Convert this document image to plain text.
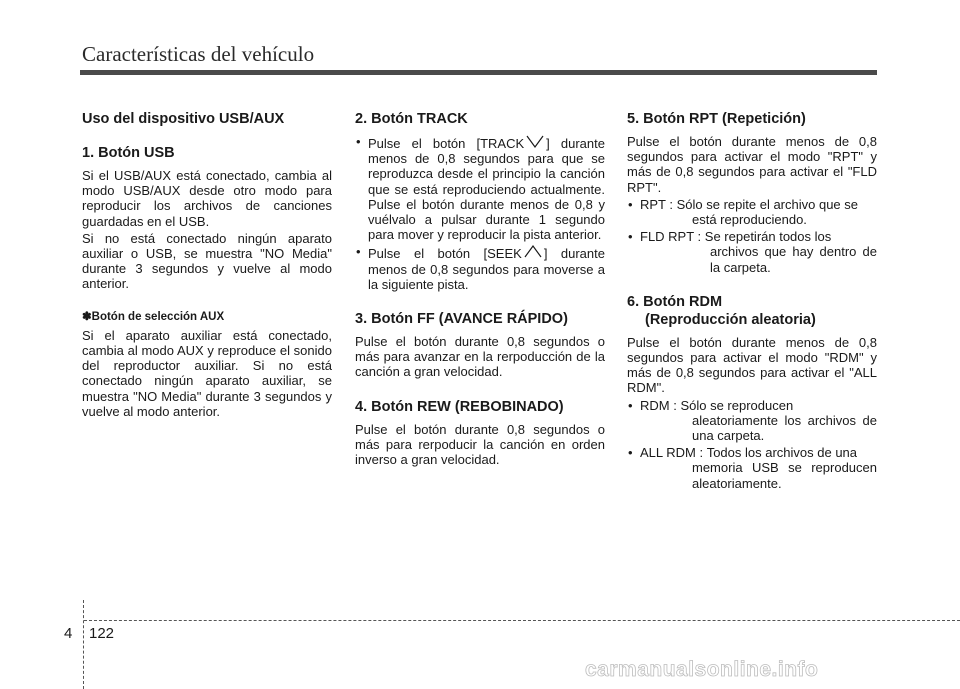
Características del vehículo
Uso del dispositivo USB/AUX
1. Botón USB
Si el USB/AUX está conectado, cambia al modo USB/AUX desde otro modo para reproducir los archivos de canciones guardadas en el USB.
Si no está conectado ningún aparato auxiliar o USB, se muestra "NO Media" durante 3 segundos y vuelve al modo anterior.
✽Botón de selección AUX
Si el aparato auxiliar está conectado, cambia al modo AUX y reproduce el sonido del reproductor auxiliar. Si no está conectado ningún aparato auxiliar, se muestra "NO Media" durante 3 segundos y vuelve al modo anterior.
2. Botón TRACK
• Pulse el botón [TRACK ] durante menos de 0,8 segundos para que se reproduzca desde el principio la canción que se está reproduciendo actualmente. Pulse el botón durante menos de 0,8 y vuélvalo a pulsar durante 1 segundo para mover y reproducir la pista anterior.
• Pulse el botón [SEEK ] durante menos de 0,8 segundos para moverse a la siguiente pista.
3. Botón FF (AVANCE RÁPIDO)
Pulse el botón durante 0,8 segundos o más para avanzar en la rerpoducción de la canción a gran velocidad.
4. Botón REW (REBOBINADO)
Pulse el botón durante 0,8 segundos o más para rerpoducir la canción en orden inverso a gran velocidad.
5. Botón RPT (Repetición)
Pulse el botón durante menos de 0,8 segundos para activar el modo "RPT" y más de 0,8 segundos para activar el "FLD RPT".
• RPT : Sólo se repite el archivo que se
está reproduciendo.
• FLD RPT : Se repetirán todos los
archivos que hay dentro de la carpeta.
6. Botón RDM
(Reproducción aleatoria)
Pulse el botón durante menos de 0,8 segundos para activar el modo "RDM" y más de 0,8 segundos para activar el "ALL RDM".
• RDM : Sólo se reproducen
aleatoriamente los archivos de una carpeta.
• ALL RDM : Todos los archivos de una
memoria USB se reproducen aleatoriamente.
4 122
carmanualsonline.info
